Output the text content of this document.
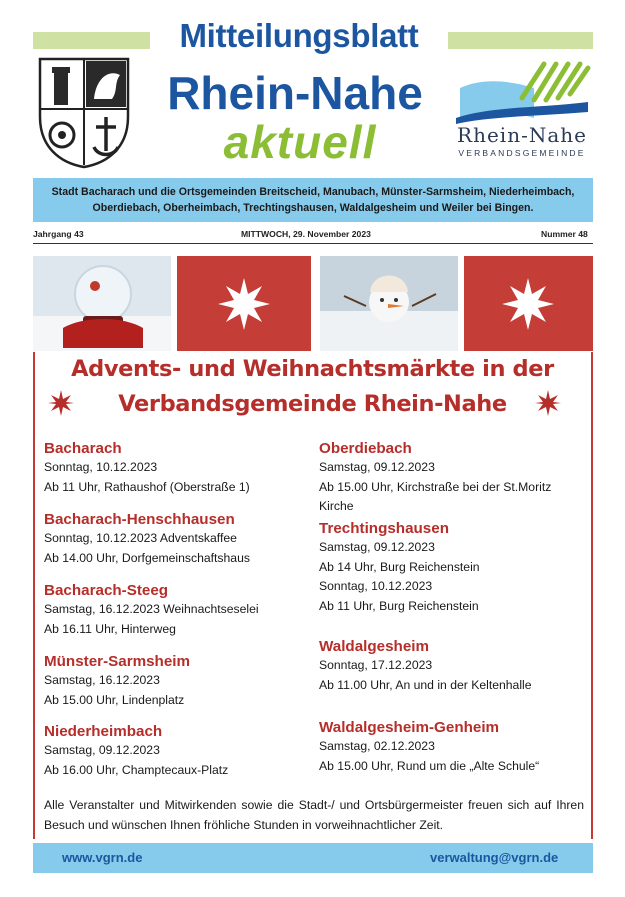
Mitteilungsblatt
Rhein-Nahe
aktuell	Rhein-Nahe
VERBANDSGEMEINDE

Stadt Bacharach und die Ortsgemeinden Breitscheid, Manubach, Münster-Sarmsheim, Niederheimbach, Oberdiebach, Oberheimbach, Trechtingshausen, Waldalgesheim und Weiler bei Bingen.

Jahrgang 43	MITTWOCH, 29. November 2023	Nummer 48
Advents- und Weihnachtsmärkte in der
Verbandsgemeinde Rhein-Nahe
Bacharach
Sonntag, 10.12.2023
Ab 11 Uhr, Rathaushof (Oberstraße 1)
Bacharach-Henschhausen
Sonntag, 10.12.2023 Adventskaffee
Ab 14.00 Uhr, Dorfgemeinschaftshaus
Bacharach-Steeg
Samstag, 16.12.2023 Weihnachtseselei
Ab 16.11 Uhr, Hinterweg
Münster-Sarmsheim
Samstag, 16.12.2023
Ab 15.00 Uhr, Lindenplatz
Niederheimbach
Samstag, 09.12.2023
Ab 16.00 Uhr, Champtecaux-Platz
Oberdiebach
Samstag, 09.12.2023
Ab 15.00 Uhr, Kirchstraße bei der St.Moritz
Kirche
Trechtingshausen
Samstag, 09.12.2023
Ab 14 Uhr, Burg Reichenstein
Sonntag, 10.12.2023
Ab 11 Uhr, Burg Reichenstein
Waldalgesheim
Sonntag, 17.12.2023
Ab 11.00 Uhr, An und in der Keltenhalle
Waldalgesheim-Genheim
Samstag, 02.12.2023
Ab 15.00 Uhr, Rund um die „Alte Schule“
Alle Veranstalter und Mitwirkenden sowie die Stadt-/ und Ortsbürgermeister freuen sich auf Ihren Besuch und wünschen Ihnen fröhliche Stunden in vorweihnachtlicher Zeit.
www.vgrn.de	verwaltung@vgrn.de
